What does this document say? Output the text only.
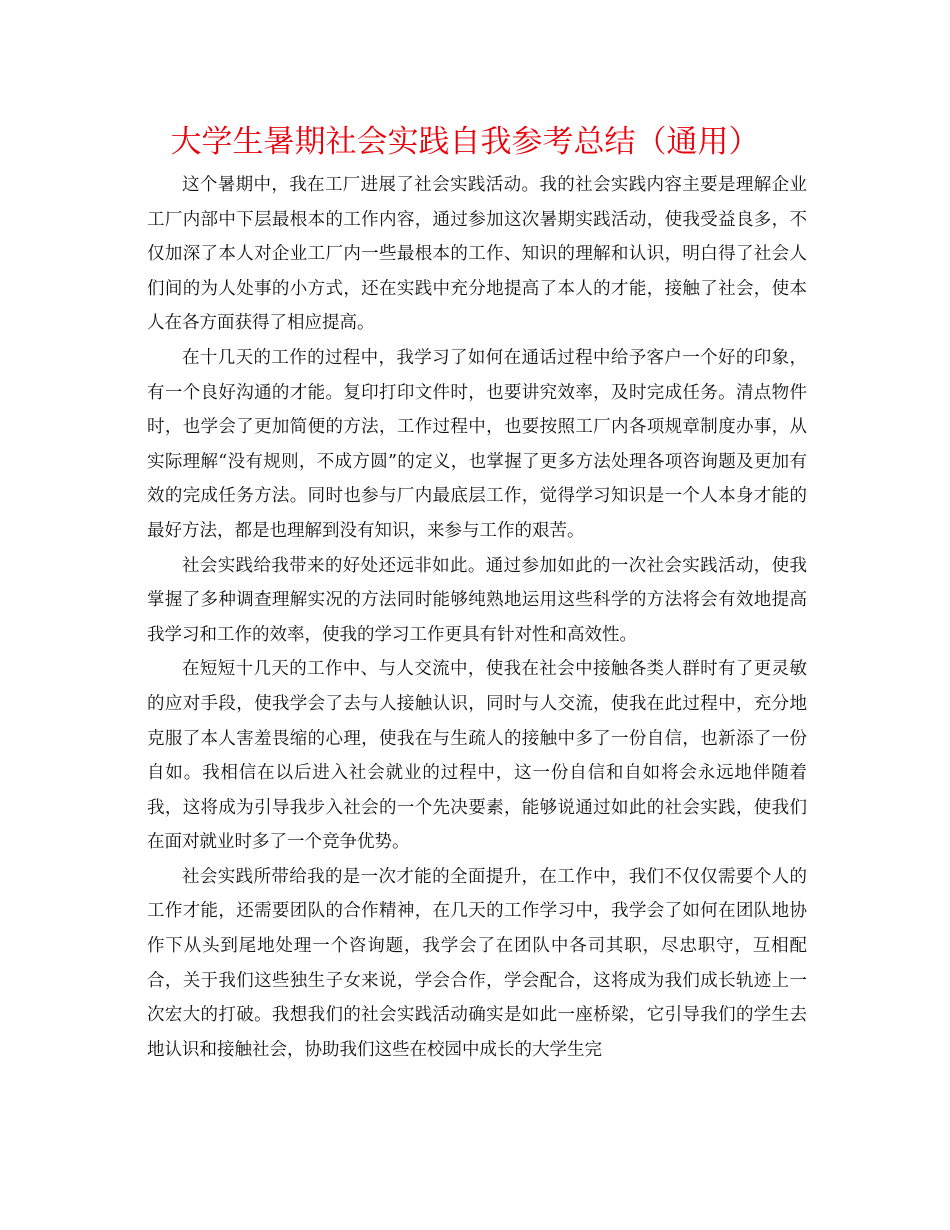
大学生暑期社会实践自我参考总结（通用）

这个暑期中，我在工厂进展了社会实践活动。我的社会实践内容主要是理解企业工厂内部中下层最根本的工作内容，通过参加这次暑期实践活动，使我受益良多，不仅加深了本人对企业工厂内一些最根本的工作、知识的理解和认识，明白得了社会人们间的为人处事的小方式，还在实践中充分地提高了本人的才能，接触了社会，使本人在各方面获得了相应提高。

在十几天的工作的过程中，我学习了如何在通话过程中给予客户一个好的印象，有一个良好沟通的才能。复印打印文件时，也要讲究效率，及时完成任务。清点物件时，也学会了更加简便的方法，工作过程中，也要按照工厂内各项规章制度办事，从实际理解“没有规则，不成方圆”的定义，也掌握了更多方法处理各项咨询题及更加有效的完成任务方法。同时也参与厂内最底层工作，觉得学习知识是一个人本身才能的最好方法，都是也理解到没有知识，来参与工作的艰苦。

社会实践给我带来的好处还远非如此。通过参加如此的一次社会实践活动，使我掌握了多种调查理解实况的方法同时能够纯熟地运用这些科学的方法将会有效地提高我学习和工作的效率，使我的学习工作更具有针对性和高效性。

在短短十几天的工作中、与人交流中，使我在社会中接触各类人群时有了更灵敏的应对手段，使我学会了去与人接触认识，同时与人交流，使我在此过程中，充分地克服了本人害羞畏缩的心理，使我在与生疏人的接触中多了一份自信，也新添了一份自如。我相信在以后进入社会就业的过程中，这一份自信和自如将会永远地伴随着我，这将成为引导我步入社会的一个先决要素，能够说通过如此的社会实践，使我们在面对就业时多了一个竞争优势。

社会实践所带给我的是一次才能的全面提升，在工作中，我们不仅仅需要个人的工作才能，还需要团队的合作精神，在几天的工作学习中，我学会了如何在团队地协作下从头到尾地处理一个咨询题，我学会了在团队中各司其职，尽忠职守，互相配合，关于我们这些独生子女来说，学会合作，学会配合，这将成为我们成长轨迹上一次宏大的打破。我想我们的社会实践活动确实是如此一座桥梁，它引导我们的学生去地认识和接触社会，协助我们这些在校园中成长的大学生完
